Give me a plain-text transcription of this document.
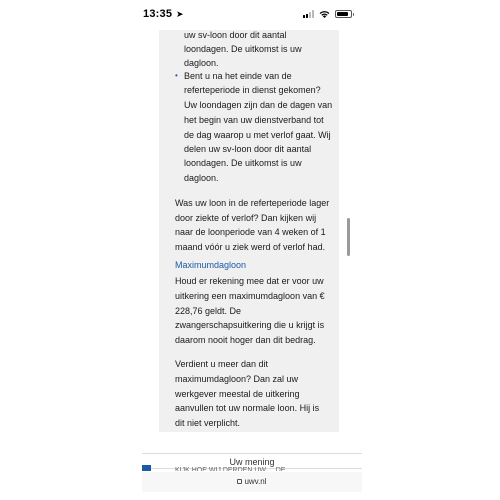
13:35 ➤
uw sv-loon door dit aantal
loondagen. De uitkomst is uw
dagloon.
• Bent u na het einde van de
referteperiode in dienst gekomen?
Uw loondagen zijn dan de dagen van
het begin van uw dienstverband tot
de dag waarop u met verlof gaat. Wij
delen uw sv-loon door dit aantal
loondagen. De uitkomst is uw
dagloon.
Was uw loon in de referteperiode lager
door ziekte of verlof? Dan kijken wij
naar de loonperiode van 4 weken of 1
maand vóór u ziek werd of verlof had.
Maximumdagloon
Houd er rekening mee dat er voor uw
uitkering een maximumdagloon van €
228,76 geldt. De
zwangerschapsuitkering die u krijgt is
daarom nooit hoger dan dit bedrag.
Verdient u meer dan dit
maximumdagloon? Dan zal uw
werkgever meestal de uitkering
aanvullen tot uw normale loon. Hij is
dit niet verplicht.
Uw mening
KIJK HOE WIJ DERDEN UW ... DE
uwv.nl
